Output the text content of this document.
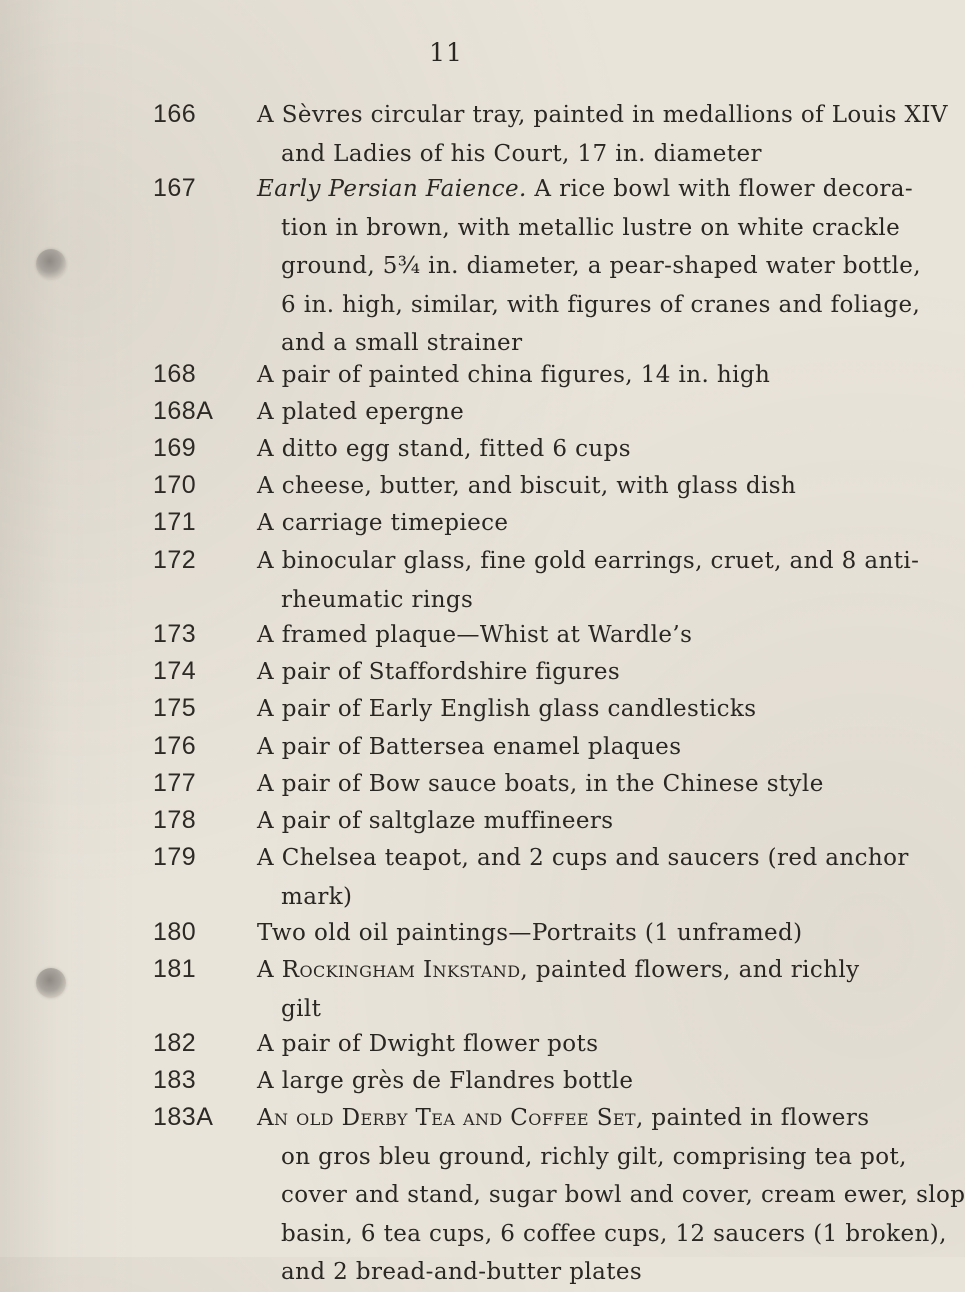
11
166	A Sèvres circular tray, painted in medallions of Louis XIV
and Ladies of his Court, 17 in. diameter
167	Early Persian Faience. A rice bowl with flower decora-
tion in brown, with metallic lustre on white crackle
ground, 5¾ in. diameter, a pear-shaped water bottle,
6 in. high, similar, with figures of cranes and foliage,
and a small strainer
168	A pair of painted china figures, 14 in. high
168A A plated epergne
169	A ditto egg stand, fitted 6 cups
170	A cheese, butter, and biscuit, with glass dish
171	A carriage timepiece
172	A binocular glass, fine gold earrings, cruet, and 8 anti-
rheumatic rings
173	A framed plaque—Whist at Wardle’s
174	A pair of Staffordshire figures
175	A pair of Early English glass candlesticks
176	A pair of Battersea enamel plaques
177	A pair of Bow sauce boats, in the Chinese style
178	A pair of saltglaze muffineers
179	A Chelsea teapot, and 2 cups and saucers (red anchor
mark)
180	Two old oil paintings—Portraits (1 unframed)
181	A Rockingham Inkstand, painted flowers, and richly
gilt
182	A pair of Dwight flower pots
183	A large grès de Flandres bottle
183A An old Derby Tea and Coffee Set, painted in flowers
on gros bleu ground, richly gilt, comprising tea pot,
cover and stand, sugar bowl and cover, cream ewer, slop
basin, 6 tea cups, 6 coffee cups, 12 saucers (1 broken),
and 2 bread-and-butter plates
